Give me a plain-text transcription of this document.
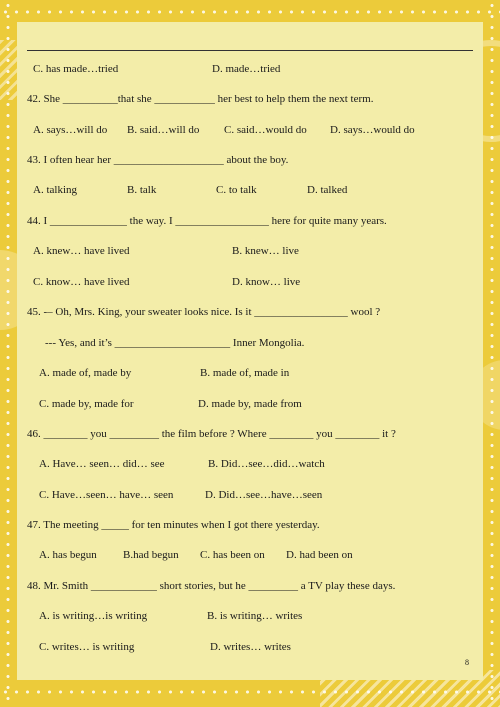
C. has made…tried	D. made…tried
42. She __________that she ___________ her best to help them the next term.
A. says…will do B. said…will do C. said…would do D. says…would do
43. I often hear her ____________________ about the boy.
A. talking	B. talk	C. to talk	D. talked
44. I ______________ the way. I _________________ here for quite many years.
A. knew… have lived	B. knew… live
C. know… have lived	D. know… live
45. -– Oh, Mrs. King, your sweater looks nice. Is it _________________ wool ?
--- Yes, and it’s _____________________ Inner Mongolia.
A. made of, made by	B. made of, made in
C. made by, made for	D. made by, made from
46. ________ you _________ the film before ? Where ________ you ________ it ?
A. Have… seen… did… see	B. Did…see…did…watch
C. Have…seen… have… seen	D. Did…see…have…seen
47. The meeting _____ for ten minutes when I got there yesterday.
A. has begun B.had begun C. has been on D. had been on
48. Mr. Smith ____________ short stories, but he _________ a TV play these days.
A. is writing…is writing	B. is writing… writes
C. writes… is writing	D. writes… writes
8
